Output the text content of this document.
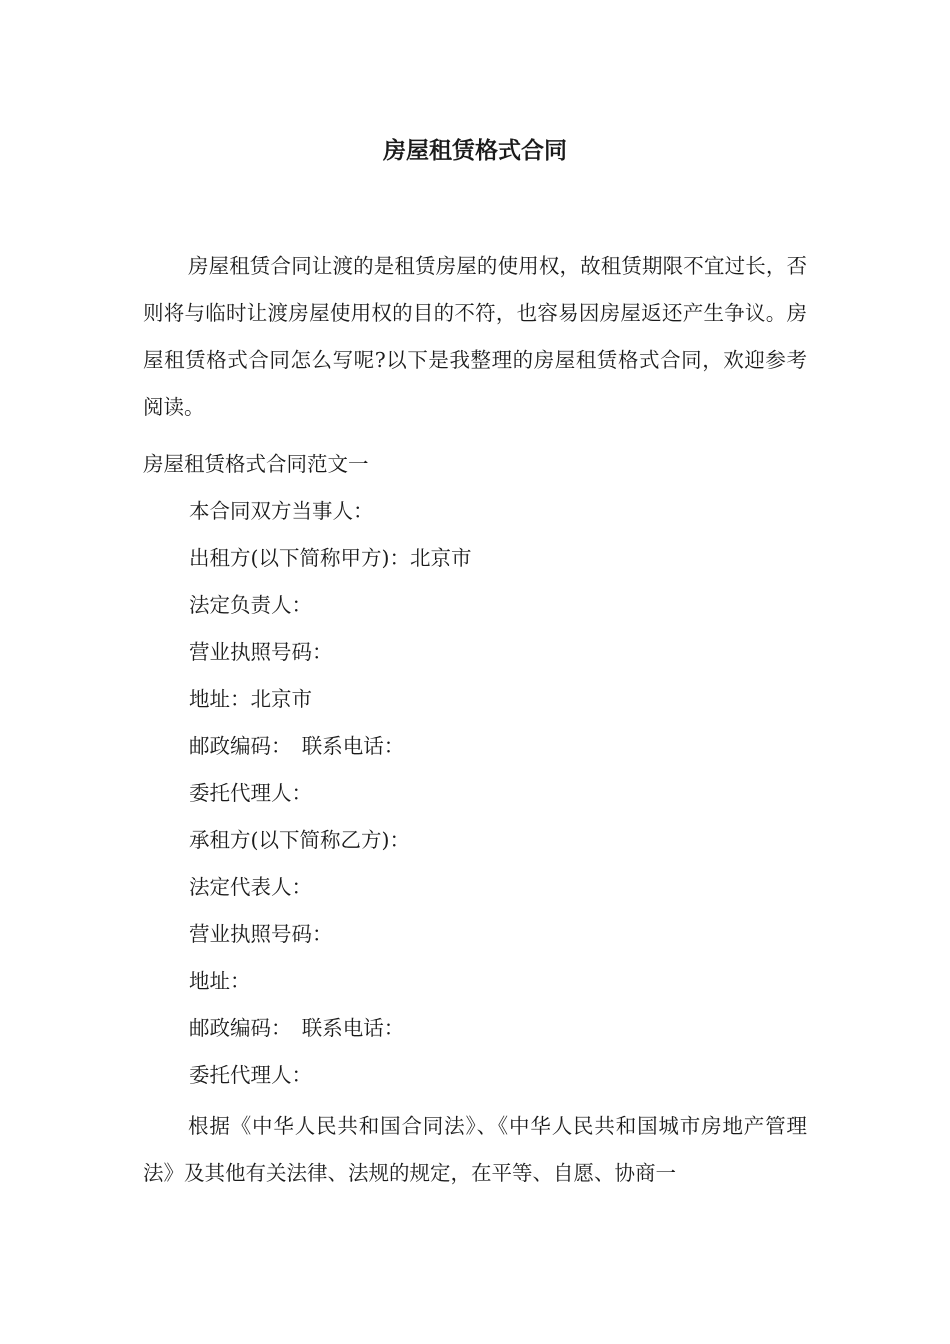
房屋租赁格式合同

房屋租赁合同让渡的是租赁房屋的使用权，故租赁期限不宜过长，否则将与临时让渡房屋使用权的目的不符，也容易因房屋返还产生争议。房屋租赁格式合同怎么写呢?以下是我整理的房屋租赁格式合同，欢迎参考阅读。

房屋租赁格式合同范文一
本合同双方当事人：
出租方(以下简称甲方)：北京市
法定负责人：
营业执照号码：
地址：北京市
邮政编码：　联系电话：
委托代理人：
承租方(以下简称乙方)：
法定代表人：
营业执照号码：
地址：
邮政编码：　联系电话：
委托代理人：

根据《中华人民共和国合同法》、《中华人民共和国城市房地产管理法》及其他有关法律、法规的规定，在平等、自愿、协商一
